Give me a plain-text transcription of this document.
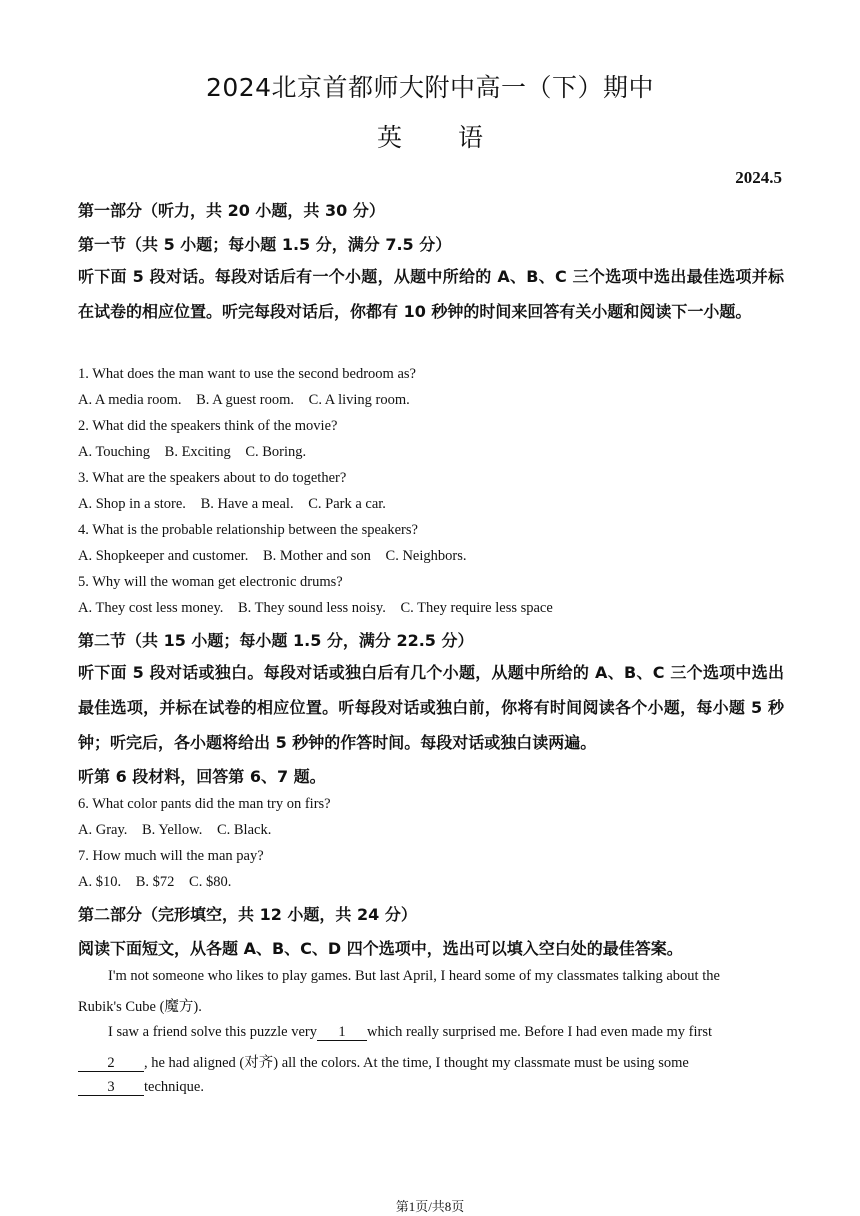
2024北京首都师大附中高一（下）期中
英 语
2024.5
第一部分（听力，共 20 小题，共 30 分）
第一节（共 5 小题；每小题 1.5 分，满分 7.5 分）
听下面 5 段对话。每段对话后有一个小题，从题中所给的 A、B、C 三个选项中选出最佳选项并标在试卷的相应位置。听完每段对话后，你都有 10 秒钟的时间来回答有关小题和阅读下一小题。
1. What does the man want to use the second bedroom as?
A. A media room. B. A guest room. C. A living room.
2. What did the speakers think of the movie?
A. Touching B. Exciting C. Boring.
3. What are the speakers about to do together?
A. Shop in a store. B. Have a meal. C. Park a car.
4. What is the probable relationship between the speakers?
A. Shopkeeper and customer. B. Mother and son C. Neighbors.
5. Why will the woman get electronic drums?
A. They cost less money. B. They sound less noisy. C. They require less space
第二节（共 15 小题；每小题 1.5 分，满分 22.5 分）
听下面 5 段对话或独白。每段对话或独白后有几个小题，从题中所给的 A、B、C 三个选项中选出最佳选项，并标在试卷的相应位置。听每段对话或独白前，你将有时间阅读各个小题，每小题 5 秒钟；听完后，各小题将给出 5 秒钟的作答时间。每段对话或独白读两遍。
听第 6 段材料，回答第 6、7 题。
6. What color pants did the man try on firs?
A. Gray. B. Yellow. C. Black.
7. How much will the man pay?
A. $10. B. $72 C. $80.
第二部分（完形填空，共 12 小题，共 24 分）
阅读下面短文，从各题 A、B、C、D 四个选项中，选出可以填入空白处的最佳答案。
I'm not someone who likes to play games. But last April, I heard some of my classmates talking about the
Rubik's Cube (魔方).
I saw a friend solve this puzzle very 1 which really surprised me. Before I had even made my first
2 , he had aligned (对齐) all the colors. At the time, I thought my classmate must be using some
3 technique.
第1页/共8页
